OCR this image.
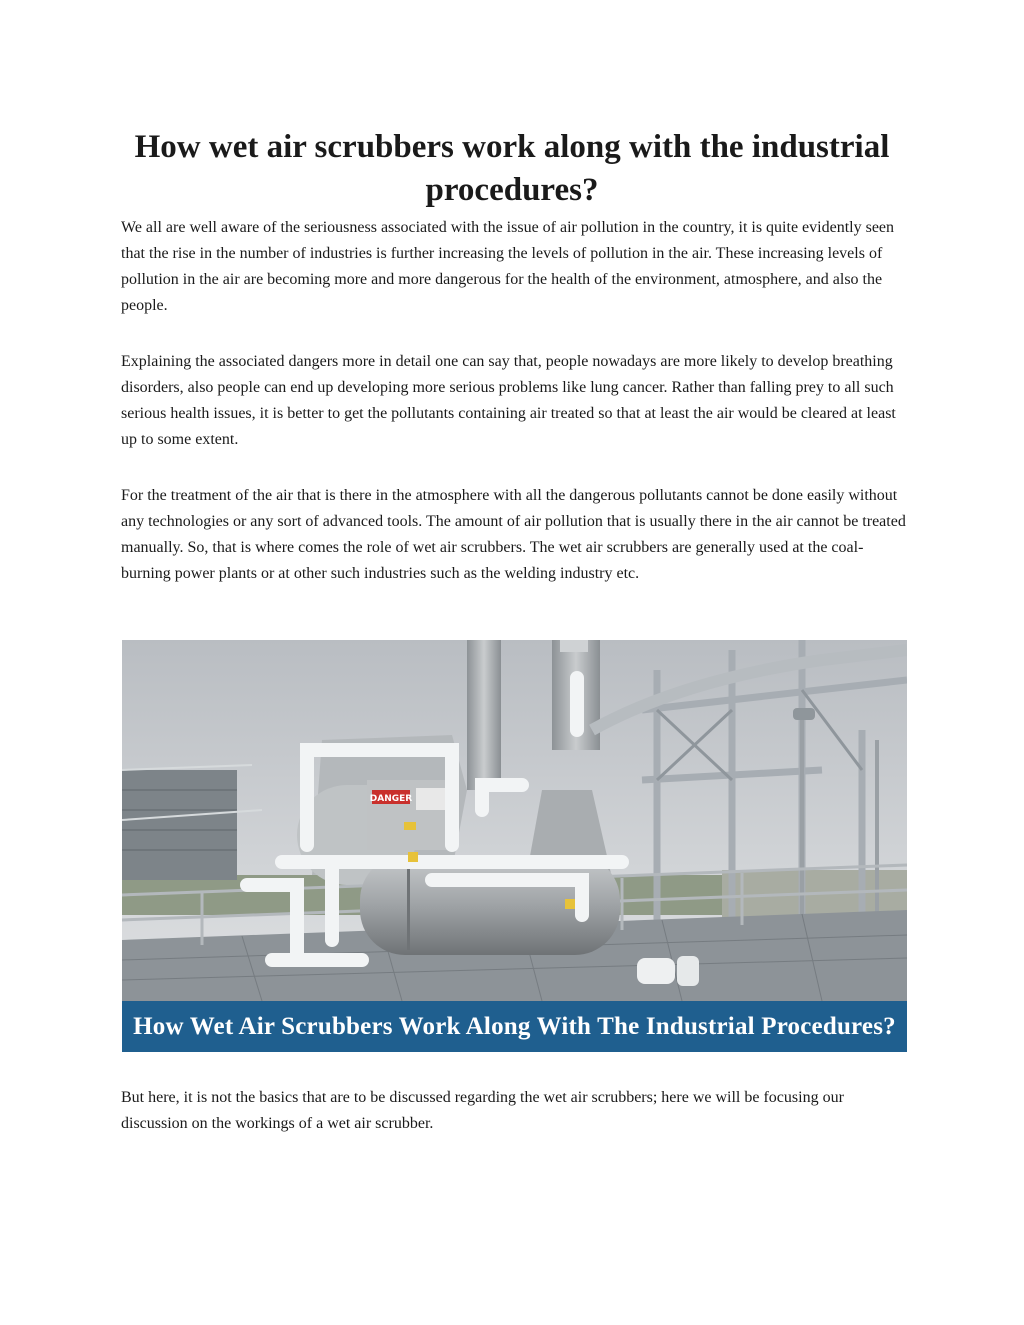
How wet air scrubbers work along with the industrial procedures?

We all are well aware of the seriousness associated with the issue of air pollution in the country, it is quite evidently seen that the rise in the number of industries is further increasing the levels of pollution in the air. These increasing levels of pollution in the air are becoming more and more dangerous for the health of the environment, atmosphere, and also the people.

Explaining the associated dangers more in detail one can say that, people nowadays are more likely to develop breathing disorders, also people can end up developing more serious problems like lung cancer. Rather than falling prey to all such serious health issues, it is better to get the pollutants containing air treated so that at least the air would be cleared at least up to some extent.

For the treatment of the air that is there in the atmosphere with all the dangerous pollutants cannot be done easily without any technologies or any sort of advanced tools. The amount of air pollution that is usually there in the air cannot be treated manually. So, that is where comes the role of wet air scrubbers. The wet air scrubbers are generally used at the coal-burning power plants or at other such industries such as the welding industry etc.

DANGER
How Wet Air Scrubbers Work Along With The Industrial Procedures?

But here, it is not the basics that are to be discussed regarding the wet air scrubbers; here we will be focusing our discussion on the workings of a wet air scrubber.
